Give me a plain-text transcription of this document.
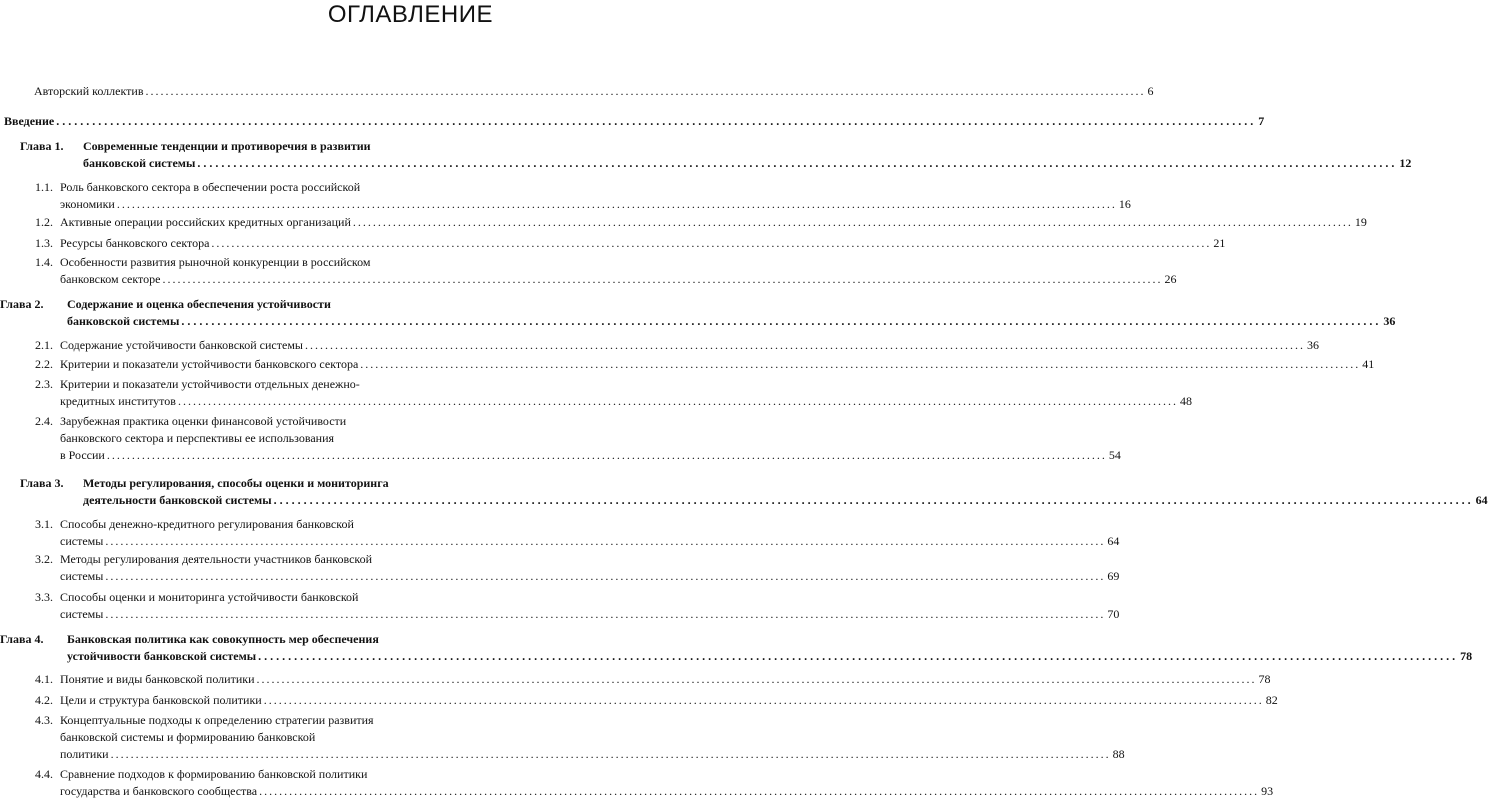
ОГЛАВЛЕНИЕ
Авторский коллектив ........................................................................................................................................................................................................ 6
Введение ........................................................................................................................................................................................................ 7
Глава 1. Современные тенденции и противоречия в развитии
банковской системы ........................................................................................................................................................................................................ 12
1.1. Роль банковского сектора в обеспечении роста российской
экономики ........................................................................................................................................................................................................ 16
1.2. Активные операции российских кредитных организаций ........................................................................................................................................................................................................ 19
1.3. Ресурсы банковского сектора ........................................................................................................................................................................................................ 21
1.4. Особенности развития рыночной конкуренции в российском
банковском секторе ........................................................................................................................................................................................................ 26
Глава 2. Содержание и оценка обеспечения устойчивости
банковской системы ........................................................................................................................................................................................................ 36
2.1. Содержание устойчивости банковской системы ........................................................................................................................................................................................................ 36
2.2. Критерии и показатели устойчивости банковского сектора ........................................................................................................................................................................................................ 41
2.3. Критерии и показатели устойчивости отдельных денежно-
кредитных институтов ........................................................................................................................................................................................................ 48
2.4. Зарубежная практика оценки финансовой устойчивости
банковского сектора и перспективы ее использования
в России ........................................................................................................................................................................................................ 54
Глава 3. Методы регулирования, способы оценки и мониторинга
деятельности банковской системы ........................................................................................................................................................................................................ 64
3.1. Способы денежно-кредитного регулирования банковской
системы ........................................................................................................................................................................................................ 64
3.2. Методы регулирования деятельности участников банковской
системы ........................................................................................................................................................................................................ 69
3.3. Способы оценки и мониторинга устойчивости банковской
системы ........................................................................................................................................................................................................ 70
Глава 4. Банковская политика как совокупность мер обеспечения
устойчивости банковской системы ........................................................................................................................................................................................................ 78
4.1. Понятие и виды банковской политики ........................................................................................................................................................................................................ 78
4.2. Цели и структура банковской политики ........................................................................................................................................................................................................ 82
4.3. Концептуальные подходы к определению стратегии развития
банковской системы и формированию банковской
политики ........................................................................................................................................................................................................ 88
4.4. Сравнение подходов к формированию банковской политики
государства и банковского сообщества ........................................................................................................................................................................................................ 93
